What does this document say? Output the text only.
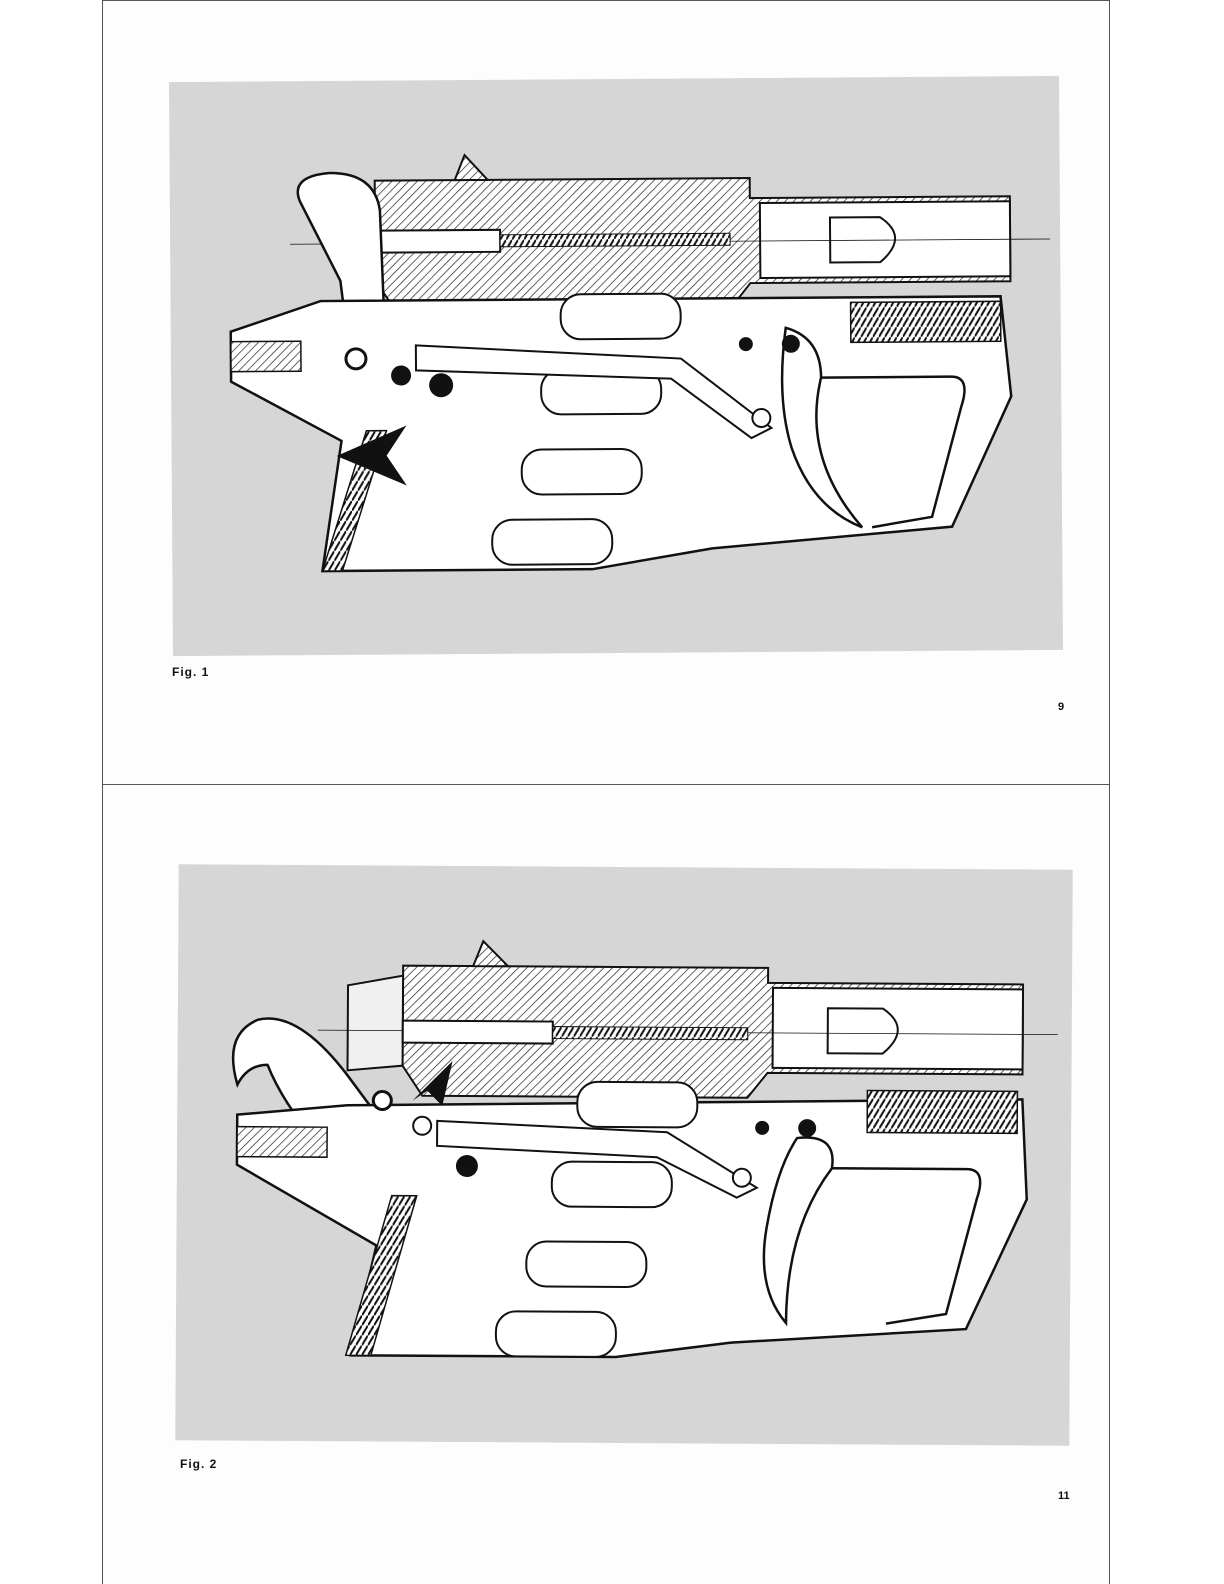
Fig. 1
9
Fig. 2
11
